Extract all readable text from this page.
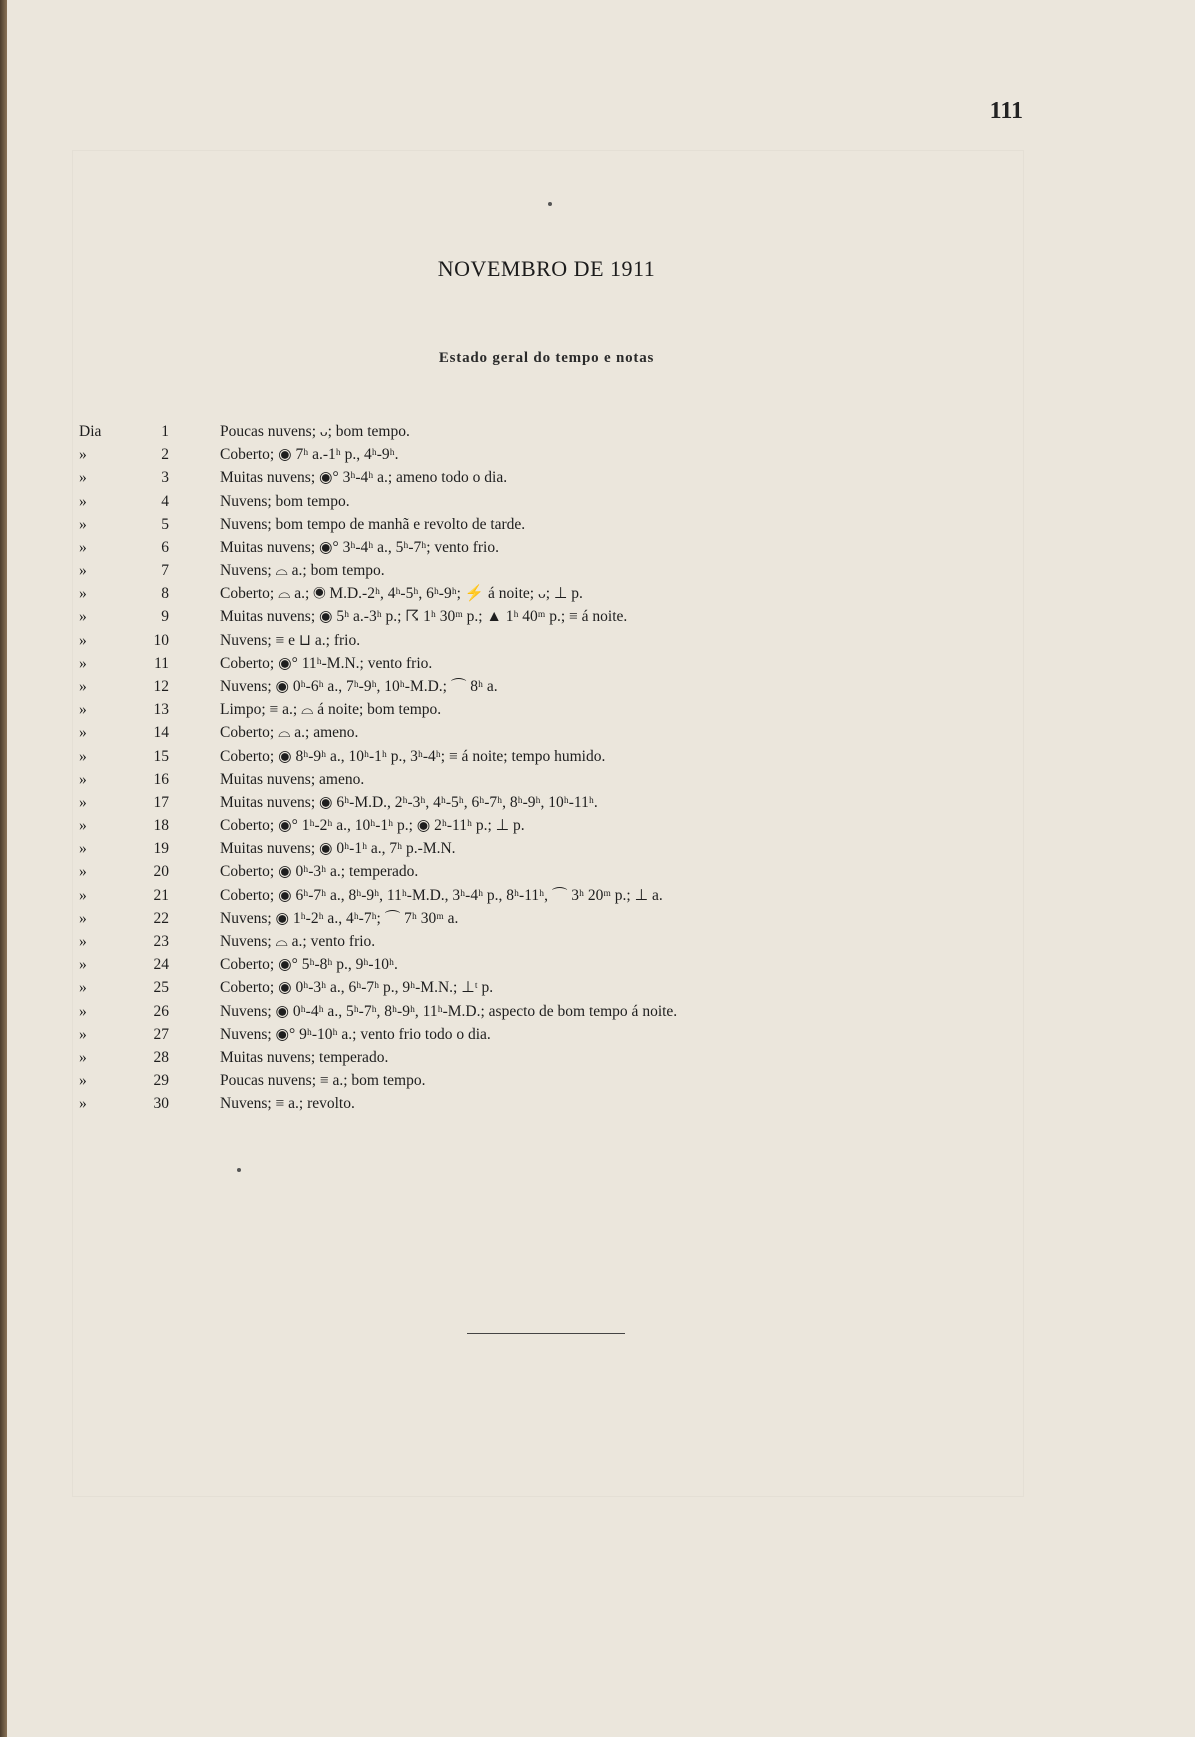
111
NOVEMBRO DE 1911
Estado geral do tempo e notas
Dia	1	Poucas nuvens; ᴗ; bom tempo.
»	2	Coberto; ◉ 7ʰ a.-1ʰ p., 4ʰ-9ʰ.
»	3	Muitas nuvens; ◉° 3ʰ-4ʰ a.; ameno todo o dia.
»	4	Nuvens; bom tempo.
»	5	Nuvens; bom tempo de manhã e revolto de tarde.
»	6	Muitas nuvens; ◉° 3ʰ-4ʰ a., 5ʰ-7ʰ; vento frio.
»	7	Nuvens; ⌓ a.; bom tempo.
»	8	Coberto; ⌓ a.; ◉ M.D.-2ʰ, 4ʰ-5ʰ, 6ʰ-9ʰ; ⚡ á noite; ᴗ; ⊥ p.
»	9	Muitas nuvens; ◉ 5ʰ a.-3ʰ p.; ☈ 1ʰ 30ᵐ p.; ▲ 1ʰ 40ᵐ p.; ≡ á noite.
»	10	Nuvens; ≡ e ⊔ a.; frio.
»	11	Coberto; ◉° 11ʰ-M.N.; vento frio.
»	12	Nuvens; ◉ 0ʰ-6ʰ a., 7ʰ-9ʰ, 10ʰ-M.D.; ⌒ 8ʰ a.
»	13	Limpo; ≡ a.; ⌓ á noite; bom tempo.
»	14	Coberto; ⌓ a.; ameno.
»	15	Coberto; ◉ 8ʰ-9ʰ a., 10ʰ-1ʰ p., 3ʰ-4ʰ; ≡ á noite; tempo humido.
»	16	Muitas nuvens; ameno.
»	17	Muitas nuvens; ◉ 6ʰ-M.D., 2ʰ-3ʰ, 4ʰ-5ʰ, 6ʰ-7ʰ, 8ʰ-9ʰ, 10ʰ-11ʰ.
»	18	Coberto; ◉° 1ʰ-2ʰ a., 10ʰ-1ʰ p.; ◉ 2ʰ-11ʰ p.; ⊥ p.
»	19	Muitas nuvens; ◉ 0ʰ-1ʰ a., 7ʰ p.-M.N.
»	20	Coberto; ◉ 0ʰ-3ʰ a.; temperado.
»	21	Coberto; ◉ 6ʰ-7ʰ a., 8ʰ-9ʰ, 11ʰ-M.D., 3ʰ-4ʰ p., 8ʰ-11ʰ, ⌒ 3ʰ 20ᵐ p.; ⊥ a.
»	22	Nuvens; ◉ 1ʰ-2ʰ a., 4ʰ-7ʰ; ⌒ 7ʰ 30ᵐ a.
»	23	Nuvens; ⌓ a.; vento frio.
»	24	Coberto; ◉° 5ʰ-8ʰ p., 9ʰ-10ʰ.
»	25	Coberto; ◉ 0ʰ-3ʰ a., 6ʰ-7ʰ p., 9ʰ-M.N.; ⊥ᵗ p.
»	26	Nuvens; ◉ 0ʰ-4ʰ a., 5ʰ-7ʰ, 8ʰ-9ʰ, 11ʰ-M.D.; aspecto de bom tempo á noite.
»	27	Nuvens; ◉° 9ʰ-10ʰ a.; vento frio todo o dia.
»	28	Muitas nuvens; temperado.
»	29	Poucas nuvens; ≡ a.; bom tempo.
»	30	Nuvens; ≡ a.; revolto.
